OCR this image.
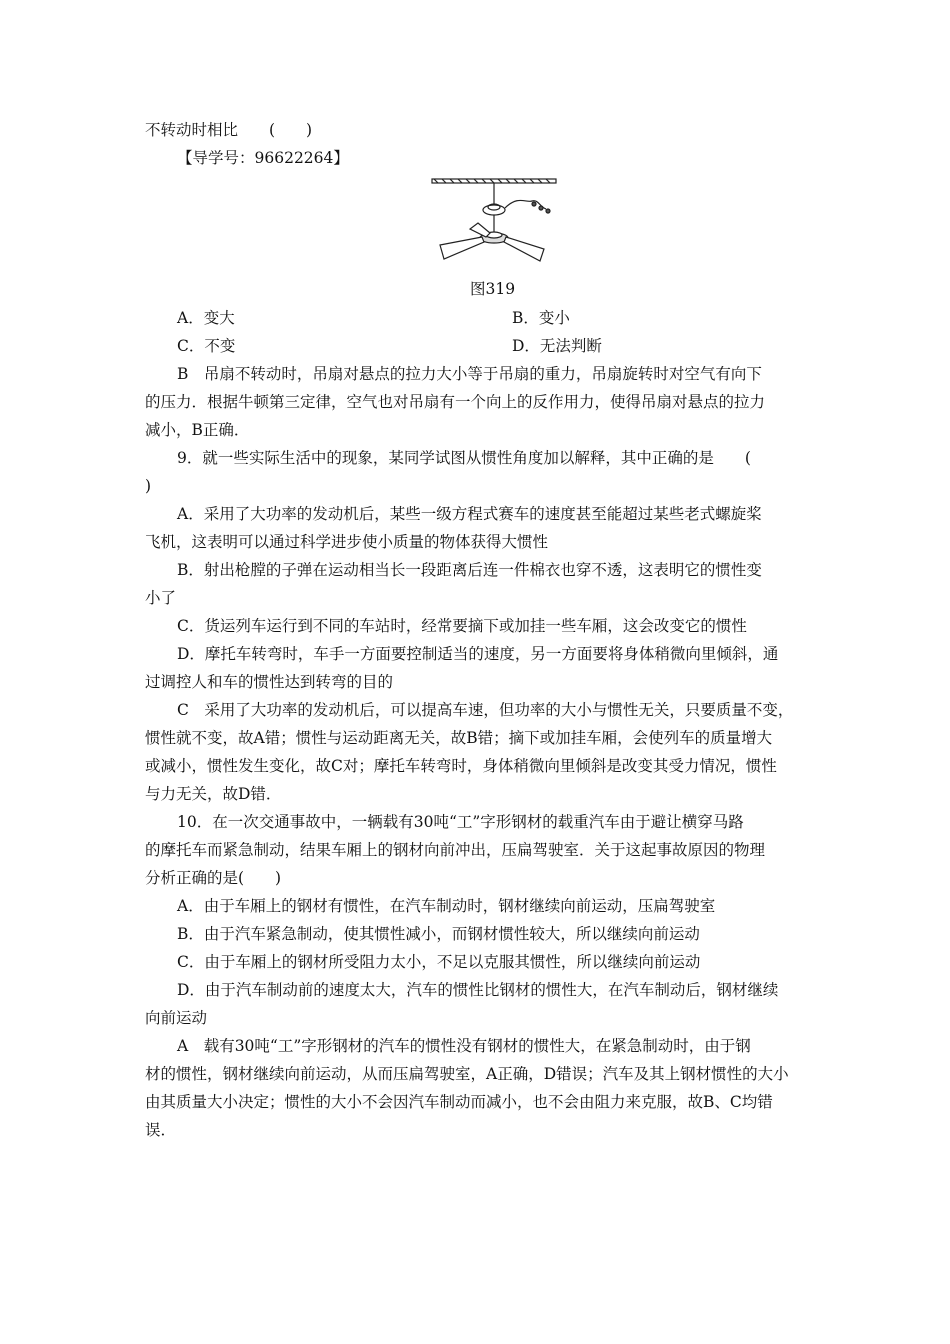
不转动时相比　　(　　)
【导学号：96622264】
图319
A．变大	B．变小
C．不变	D．无法判断
B　吊扇不转动时，吊扇对悬点的拉力大小等于吊扇的重力，吊扇旋转时对空气有向下
的压力．根据牛顿第三定律，空气也对吊扇有一个向上的反作用力，使得吊扇对悬点的拉力
减小，B正确．
9．就一些实际生活中的现象，某同学试图从惯性角度加以解释，其中正确的是　　(
)
A．采用了大功率的发动机后，某些一级方程式赛车的速度甚至能超过某些老式螺旋桨
飞机，这表明可以通过科学进步使小质量的物体获得大惯性
B．射出枪膛的子弹在运动相当长一段距离后连一件棉衣也穿不透，这表明它的惯性变
小了
C．货运列车运行到不同的车站时，经常要摘下或加挂一些车厢，这会改变它的惯性
D．摩托车转弯时，车手一方面要控制适当的速度，另一方面要将身体稍微向里倾斜，通
过调控人和车的惯性达到转弯的目的
C　采用了大功率的发动机后，可以提高车速，但功率的大小与惯性无关，只要质量不变，
惯性就不变，故A错；惯性与运动距离无关，故B错；摘下或加挂车厢，会使列车的质量增大
或减小，惯性发生变化，故C对；摩托车转弯时，身体稍微向里倾斜是改变其受力情况，惯性
与力无关，故D错．
10．在一次交通事故中，一辆载有30吨“工”字形钢材的载重汽车由于避让横穿马路
的摩托车而紧急制动，结果车厢上的钢材向前冲出，压扁驾驶室．关于这起事故原因的物理
分析正确的是(　　)
A．由于车厢上的钢材有惯性，在汽车制动时，钢材继续向前运动，压扁驾驶室
B．由于汽车紧急制动，使其惯性减小，而钢材惯性较大，所以继续向前运动
C．由于车厢上的钢材所受阻力太小，不足以克服其惯性，所以继续向前运动
D．由于汽车制动前的速度太大，汽车的惯性比钢材的惯性大，在汽车制动后，钢材继续
向前运动
A　载有30吨“工”字形钢材的汽车的惯性没有钢材的惯性大，在紧急制动时，由于钢
材的惯性，钢材继续向前运动，从而压扁驾驶室，A正确，D错误；汽车及其上钢材惯性的大小
由其质量大小决定；惯性的大小不会因汽车制动而减小，也不会由阻力来克服，故B、C均错
误．
